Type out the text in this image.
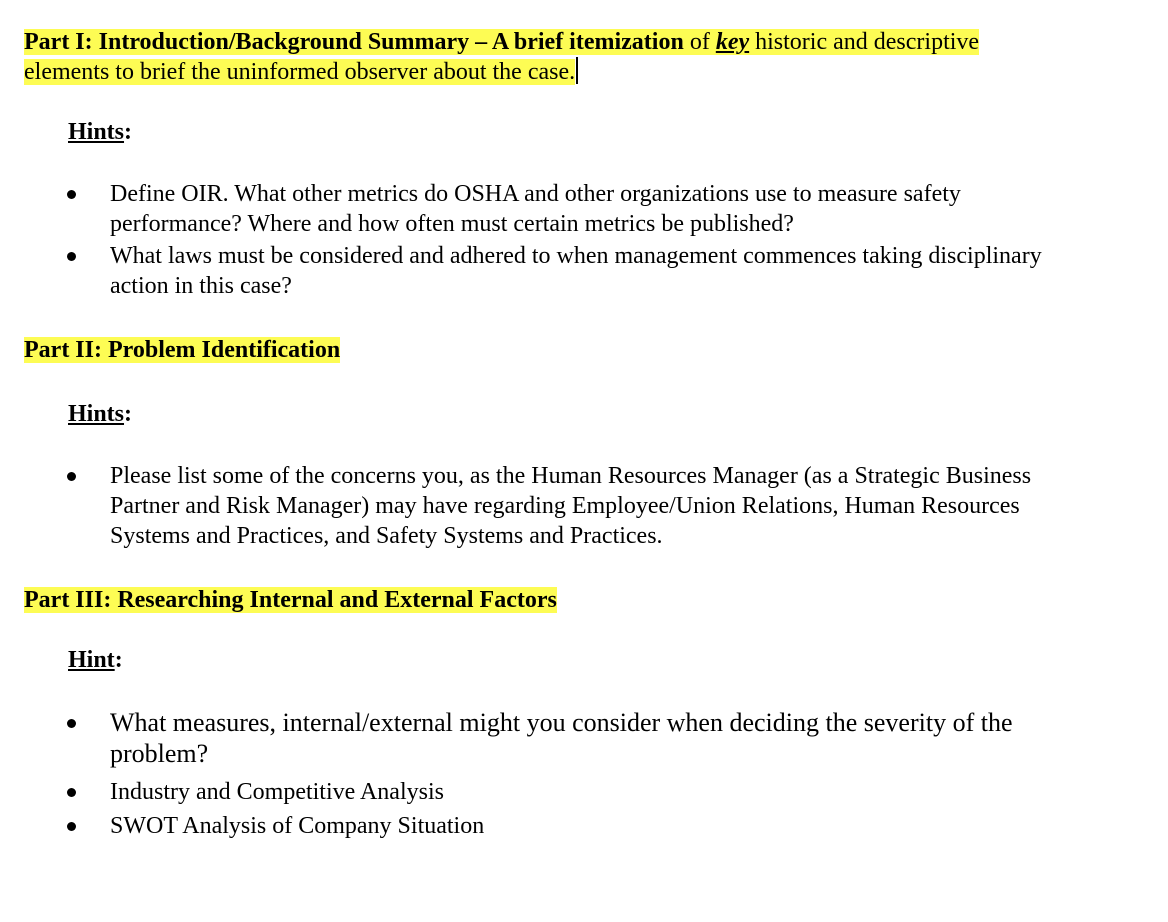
Part I: Introduction/Background Summary – A brief itemization of key historic and descriptive
elements to brief the uninformed observer about the case.
Hints:
Define OIR. What other metrics do OSHA and other organizations use to measure safety
performance? Where and how often must certain metrics be published?
What laws must be considered and adhered to when management commences taking disciplinary
action in this case?
Part II: Problem Identification
Hints:
Please list some of the concerns you, as the Human Resources Manager (as a Strategic Business
Partner and Risk Manager) may have regarding Employee/Union Relations, Human Resources
Systems and Practices, and Safety Systems and Practices.
Part III: Researching Internal and External Factors
Hint:
What measures, internal/external might you consider when deciding the severity of the
problem?
Industry and Competitive Analysis
SWOT Analysis of Company Situation
